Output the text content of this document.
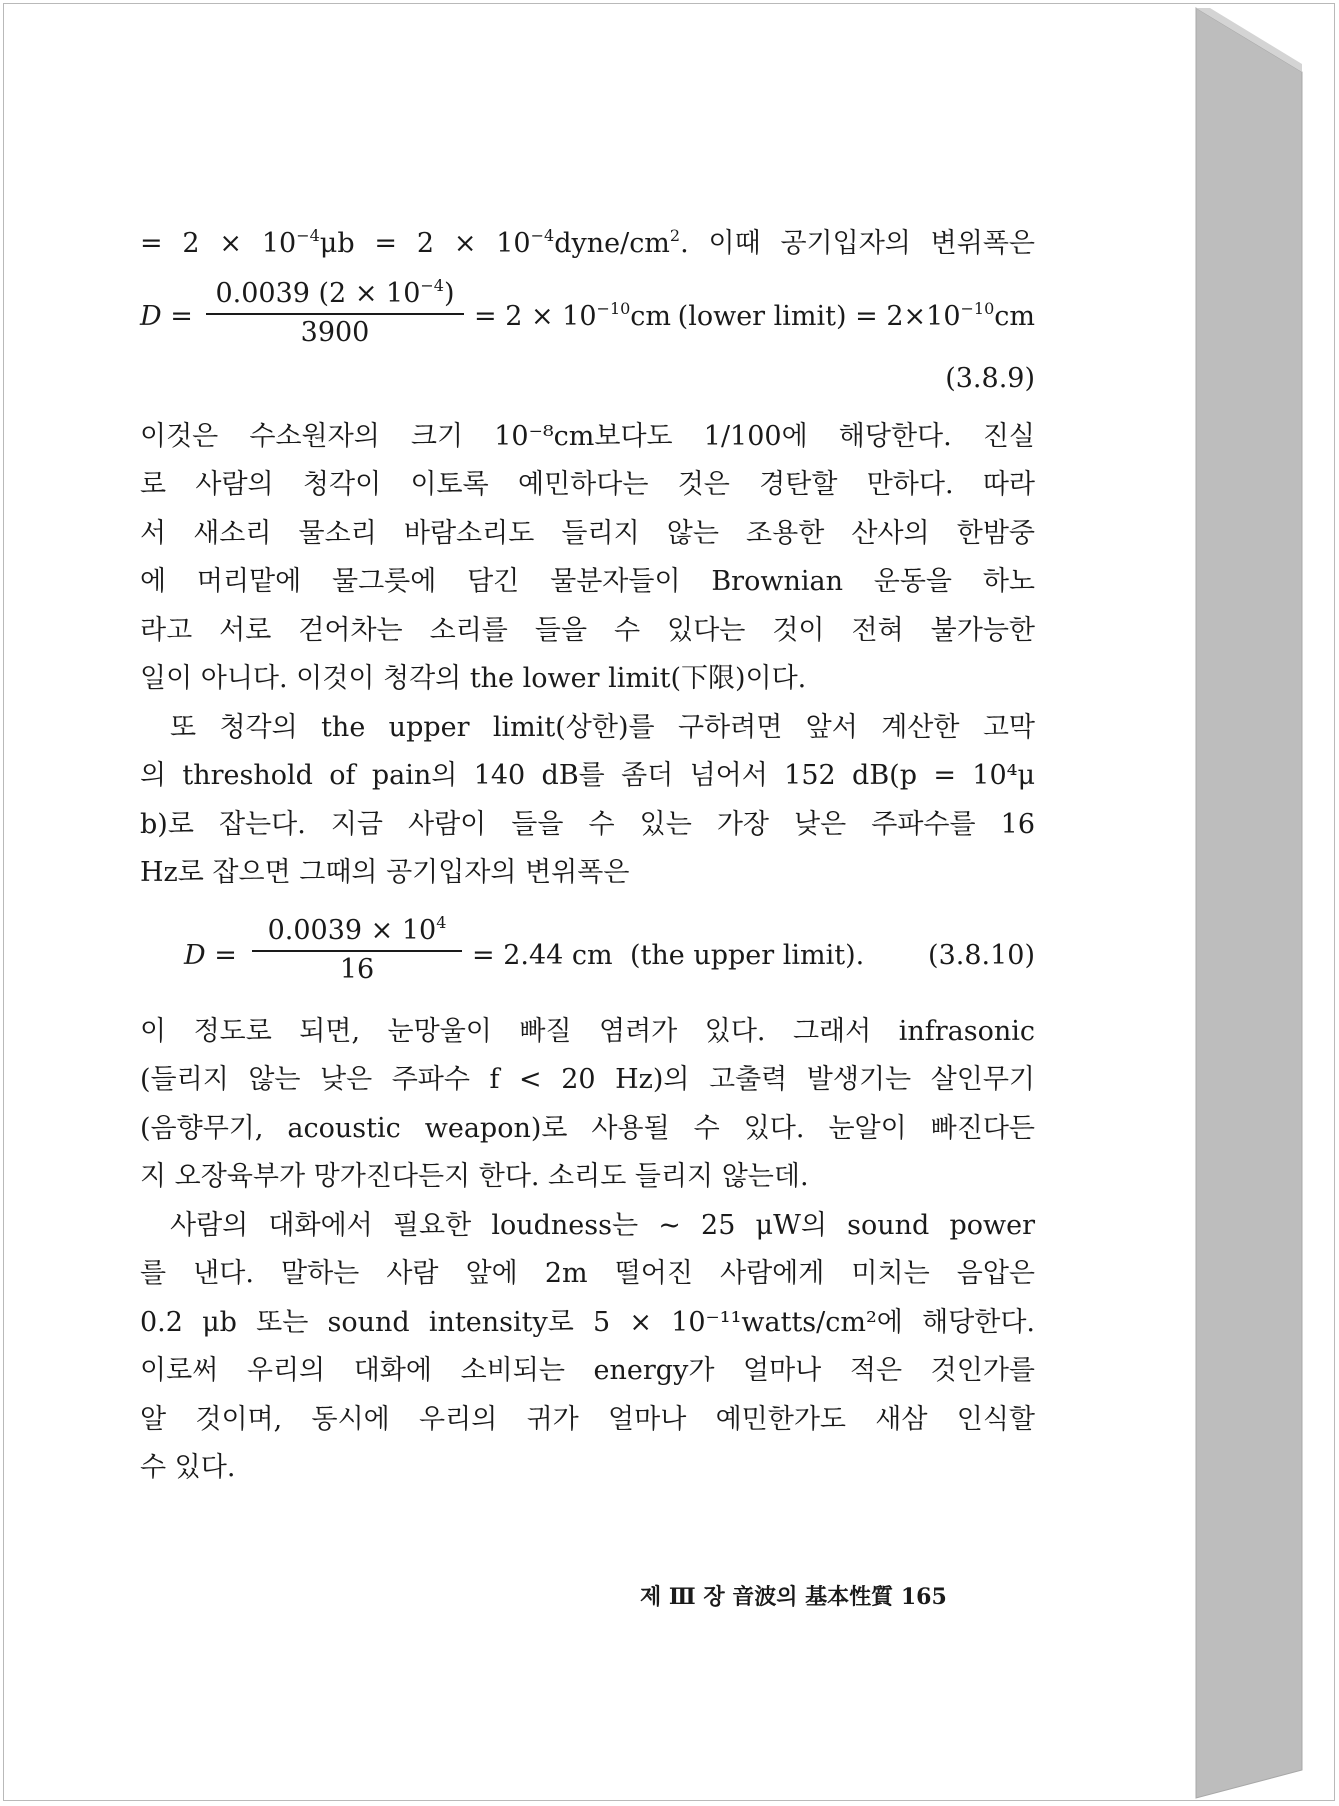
= $2 \times 10^{-4}\mu b = 2$ × $10^{-4}dyne/cm^2$. 이때 공기입자의 변위폭은
$D = \frac{0.0039 (2 \times 10^{-4})}{3900} = 2 \times 10^{-10}cm$ (lower limit) = $2\times 10^{-10}cm$
(3.8.9)
이것은 수소원자의 크기 10⁻⁸cm보다도 1/100에 해당한다. 진실
로 사람의 청각이 이토록 예민하다는 것은 경탄할 만하다. 따라
서 새소리 물소리 바람소리도 들리지 않는 조용한 산사의 한밤중
에 머리맡에 물그릇에 담긴 물분자들이 Brownian 운동을 하노
라고 서로 걷어차는 소리를 들을 수 있다는 것이 전혀 불가능한
일이 아니다. 이것이 청각의 the lower limit(下限)이다.
또 청각의 the upper limit(상한)를 구하려면 앞서 계산한 고막
의 threshold of pain의 140 dB를 좀더 넘어서 152 dB(p = 10⁴μ
b)로 잡는다. 지금 사람이 들을 수 있는 가장 낮은 주파수를 16
Hz로 잡으면 그때의 공기입자의 변위폭은
$D = \frac{0.0039 \times 10^4}{16} = 2.44$ cm (the upper limit). (3.8.10)
이 정도로 되면, 눈망울이 빠질 염려가 있다. 그래서 infrasonic
(들리지 않는 낮은 주파수 f < 20 Hz)의 고출력 발생기는 살인무기
(음향무기, acoustic weapon)로 사용될 수 있다. 눈알이 빠진다든
지 오장육부가 망가진다든지 한다. 소리도 들리지 않는데.
사람의 대화에서 필요한 loudness는 ~ 25 μW의 sound power
를 낸다. 말하는 사람 앞에 2m 떨어진 사람에게 미치는 음압은
0.2 μb 또는 sound intensity로 5 × 10⁻¹¹watts/cm²에 해당한다.
이로써 우리의 대화에 소비되는 energy가 얼마나 적은 것인가를
알 것이며, 동시에 우리의 귀가 얼마나 예민한가도 새삼 인식할
수 있다.
제 Ⅲ 장 音波의 基本性質 165
